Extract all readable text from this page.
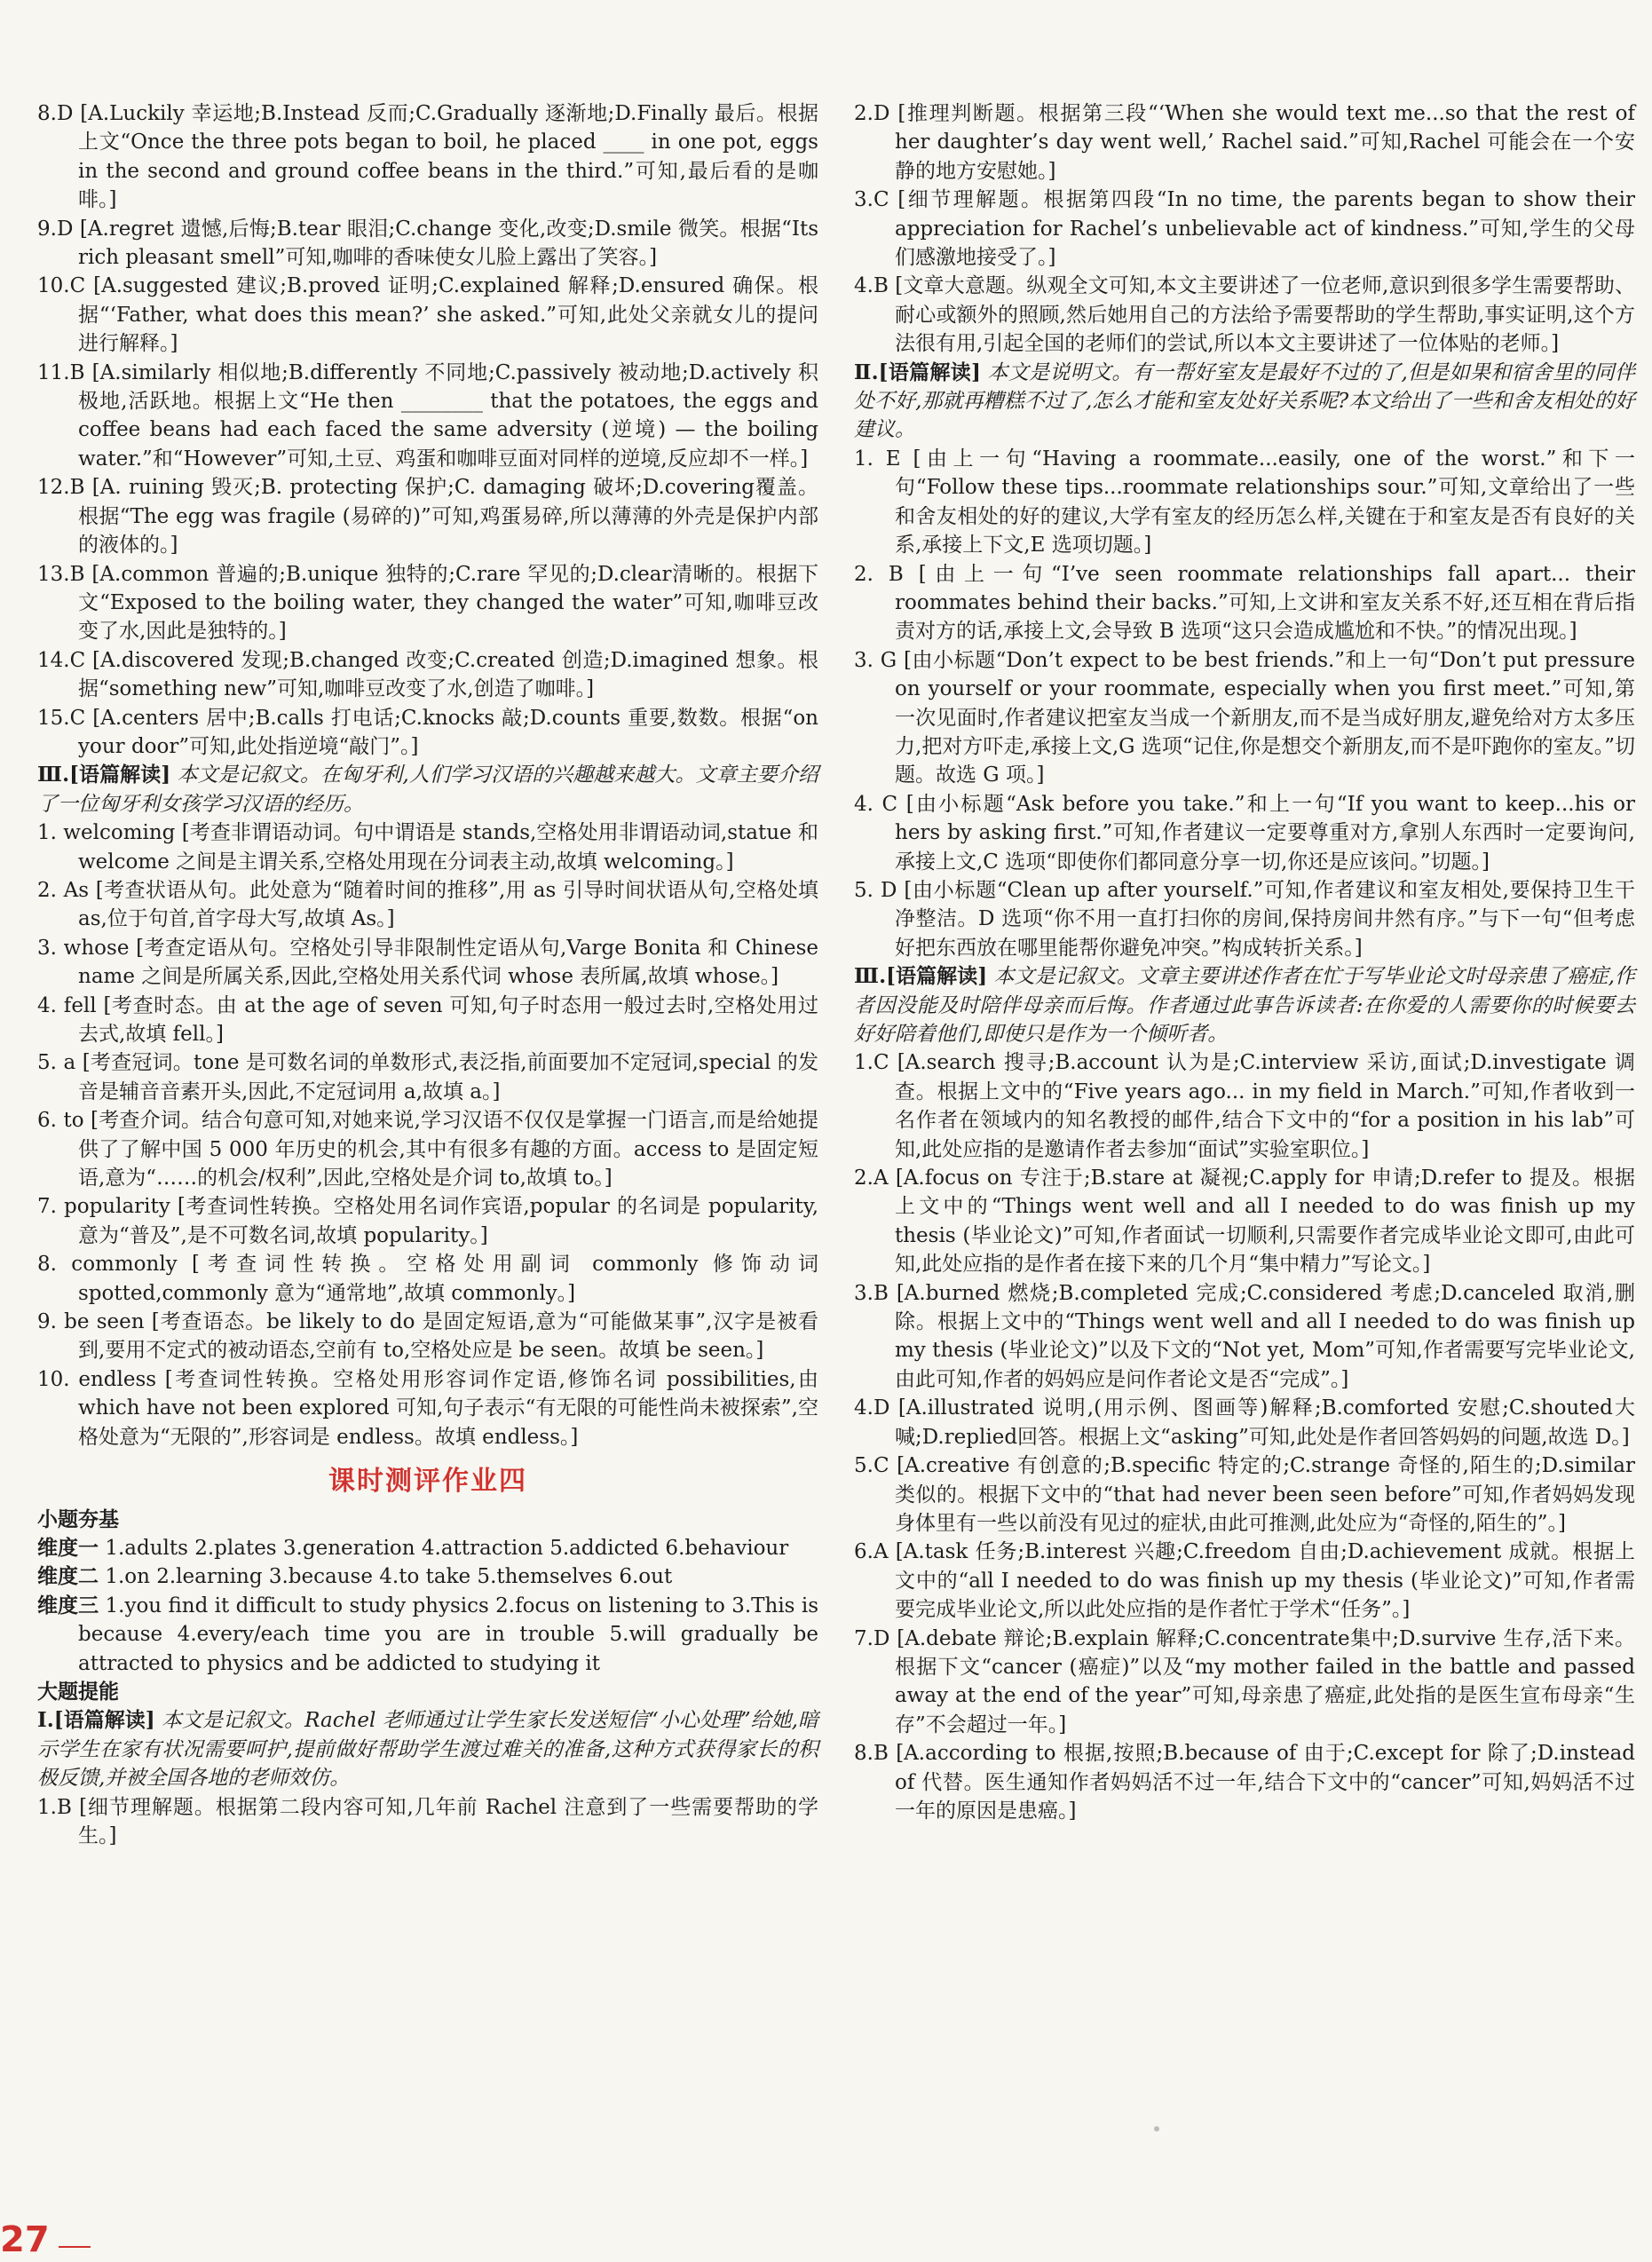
8.D [A.Luckily 幸运地;B.Instead 反而;C.Gradually 逐渐地;D.Finally 最后。根据上文“Once the three pots began to boil, he placed ____ in one pot, eggs in the second and ground coffee beans in the third.”可知,最后看的是咖啡。]

9.D [A.regret 遗憾,后悔;B.tear 眼泪;C.change 变化,改变;D.smile 微笑。根据“Its rich pleasant smell”可知,咖啡的香味使女儿脸上露出了笑容。]

10.C [A.suggested 建议;B.proved 证明;C.explained 解释;D.ensured 确保。根据“‘Father, what does this mean?’ she asked.”可知,此处父亲就女儿的提问进行解释。]

11.B [A.similarly 相似地;B.differently 不同地;C.passively 被动地;D.actively 积极地,活跃地。根据上文“He then ________ that the potatoes, the eggs and coffee beans had each faced the same adversity (逆境) — the boiling water.”和“However”可知,土豆、鸡蛋和咖啡豆面对同样的逆境,反应却不一样。]

12.B [A. ruining 毁灭;B. protecting 保护;C. damaging 破坏;D.covering覆盖。根据“The egg was fragile (易碎的)”可知,鸡蛋易碎,所以薄薄的外壳是保护内部的液体的。]

13.B [A.common 普遍的;B.unique 独特的;C.rare 罕见的;D.clear清晰的。根据下文“Exposed to the boiling water, they changed the water”可知,咖啡豆改变了水,因此是独特的。]

14.C [A.discovered 发现;B.changed 改变;C.created 创造;D.imagined 想象。根据“something new”可知,咖啡豆改变了水,创造了咖啡。]

15.C [A.centers 居中;B.calls 打电话;C.knocks 敲;D.counts 重要,数数。根据“on your door”可知,此处指逆境“敲门”。]

Ⅲ.[语篇解读] 本文是记叙文。在匈牙利,人们学习汉语的兴趣越来越大。文章主要介绍了一位匈牙利女孩学习汉语的经历。

1. welcoming [考查非谓语动词。句中谓语是 stands,空格处用非谓语动词,statue 和 welcome 之间是主谓关系,空格处用现在分词表主动,故填 welcoming。]

2. As [考查状语从句。此处意为“随着时间的推移”,用 as 引导时间状语从句,空格处填 as,位于句首,首字母大写,故填 As。]

3. whose [考查定语从句。空格处引导非限制性定语从句,Varge Bonita 和 Chinese name 之间是所属关系,因此,空格处用关系代词 whose 表所属,故填 whose。]

4. fell [考查时态。由 at the age of seven 可知,句子时态用一般过去时,空格处用过去式,故填 fell。]

5. a [考查冠词。tone 是可数名词的单数形式,表泛指,前面要加不定冠词,special 的发音是辅音音素开头,因此,不定冠词用 a,故填 a。]

6. to [考查介词。结合句意可知,对她来说,学习汉语不仅仅是掌握一门语言,而是给她提供了了解中国 5 000 年历史的机会,其中有很多有趣的方面。access to 是固定短语,意为“……的机会/权利”,因此,空格处是介词 to,故填 to。]

7. popularity [考查词性转换。空格处用名词作宾语,popular 的名词是 popularity,意为“普及”,是不可数名词,故填 popularity。]

8. commonly [考查词性转换。空格处用副词 commonly 修饰动词 spotted,commonly 意为“通常地”,故填 commonly。]

9. be seen [考查语态。be likely to do 是固定短语,意为“可能做某事”,汉字是被看到,要用不定式的被动语态,空前有 to,空格处应是 be seen。故填 be seen。]

10. endless [考查词性转换。空格处用形容词作定语,修饰名词 possibilities,由 which have not been explored 可知,句子表示“有无限的可能性尚未被探索”,空格处意为“无限的”,形容词是 endless。故填 endless。]

课时测评作业四
小题夯基

维度一 1.adults 2.plates 3.generation 4.attraction 5.addicted 6.behaviour

维度二 1.on 2.learning 3.because 4.to take 5.themselves 6.out

维度三 1.you find it difficult to study physics 2.focus on listening to 3.This is because 4.every/each time you are in trouble 5.will gradually be attracted to physics and be addicted to studying it

大题提能

Ⅰ.[语篇解读] 本文是记叙文。Rachel 老师通过让学生家长发送短信“小心处理”给她,暗示学生在家有状况需要呵护,提前做好帮助学生渡过难关的准备,这种方式获得家长的积极反馈,并被全国各地的老师效仿。

1.B [细节理解题。根据第二段内容可知,几年前 Rachel 注意到了一些需要帮助的学生。]

2.D [推理判断题。根据第三段“‘When she would text me...so that the rest of her daughter’s day went well,’ Rachel said.”可知,Rachel 可能会在一个安静的地方安慰她。]

3.C [细节理解题。根据第四段“In no time, the parents began to show their appreciation for Rachel’s unbelievable act of kindness.”可知,学生的父母们感激地接受了。]

4.B [文章大意题。纵观全文可知,本文主要讲述了一位老师,意识到很多学生需要帮助、耐心或额外的照顾,然后她用自己的方法给予需要帮助的学生帮助,事实证明,这个方法很有用,引起全国的老师们的尝试,所以本文主要讲述了一位体贴的老师。]

Ⅱ.[语篇解读] 本文是说明文。有一帮好室友是最好不过的了,但是如果和宿舍里的同伴处不好,那就再糟糕不过了,怎么才能和室友处好关系呢?本文给出了一些和舍友相处的好建议。

1. E [由上一句“Having a roommate...easily, one of the worst.”和下一句“Follow these tips...roommate relationships sour.”可知,文章给出了一些和舍友相处的好的建议,大学有室友的经历怎么样,关键在于和室友是否有良好的关系,承接上下文,E 选项切题。]

2. B [由上一句“I’ve seen roommate relationships fall apart... their roommates behind their backs.”可知,上文讲和室友关系不好,还互相在背后指责对方的话,承接上文,会导致 B 选项“这只会造成尴尬和不快。”的情况出现。]

3. G [由小标题“Don’t expect to be best friends.”和上一句“Don’t put pressure on yourself or your roommate, especially when you first meet.”可知,第一次见面时,作者建议把室友当成一个新朋友,而不是当成好朋友,避免给对方太多压力,把对方吓走,承接上文,G 选项“记住,你是想交个新朋友,而不是吓跑你的室友。”切题。故选 G 项。]

4. C [由小标题“Ask before you take.”和上一句“If you want to keep...his or hers by asking first.”可知,作者建议一定要尊重对方,拿别人东西时一定要询问,承接上文,C 选项“即使你们都同意分享一切,你还是应该问。”切题。]

5. D [由小标题“Clean up after yourself.”可知,作者建议和室友相处,要保持卫生干净整洁。D 选项“你不用一直打扫你的房间,保持房间井然有序。”与下一句“但考虑好把东西放在哪里能帮你避免冲突。”构成转折关系。]

Ⅲ.[语篇解读] 本文是记叙文。文章主要讲述作者在忙于写毕业论文时母亲患了癌症,作者因没能及时陪伴母亲而后悔。作者通过此事告诉读者:在你爱的人需要你的时候要去好好陪着他们,即使只是作为一个倾听者。

1.C [A.search 搜寻;B.account 认为是;C.interview 采访,面试;D.investigate 调查。根据上文中的“Five years ago... in my field in March.”可知,作者收到一名作者在领域内的知名教授的邮件,结合下文中的“for a position in his lab”可知,此处应指的是邀请作者去参加“面试”实验室职位。]

2.A [A.focus on 专注于;B.stare at 凝视;C.apply for 申请;D.refer to 提及。根据上文中的“Things went well and all I needed to do was finish up my thesis (毕业论文)”可知,作者面试一切顺利,只需要作者完成毕业论文即可,由此可知,此处应指的是作者在接下来的几个月“集中精力”写论文。]

3.B [A.burned 燃烧;B.completed 完成;C.considered 考虑;D.canceled 取消,删除。根据上文中的“Things went well and all I needed to do was finish up my thesis (毕业论文)”以及下文的“Not yet, Mom”可知,作者需要写完毕业论文,由此可知,作者的妈妈应是问作者论文是否“完成”。]

4.D [A.illustrated 说明,(用示例、图画等)解释;B.comforted 安慰;C.shouted大喊;D.replied回答。根据上文“asking”可知,此处是作者回答妈妈的问题,故选 D。]

5.C [A.creative 有创意的;B.specific 特定的;C.strange 奇怪的,陌生的;D.similar 类似的。根据下文中的“that had never been seen before”可知,作者妈妈发现身体里有一些以前没有见过的症状,由此可推测,此处应为“奇怪的,陌生的”。]

6.A [A.task 任务;B.interest 兴趣;C.freedom 自由;D.achievement 成就。根据上文中的“all I needed to do was finish up my thesis (毕业论文)”可知,作者需要完成毕业论文,所以此处应指的是作者忙于学术“任务”。]

7.D [A.debate 辩论;B.explain 解释;C.concentrate集中;D.survive 生存,活下来。根据下文“cancer (癌症)”以及“my mother failed in the battle and passed away at the end of the year”可知,母亲患了癌症,此处指的是医生宣布母亲“生存”不会超过一年。]

8.B [A.according to 根据,按照;B.because of 由于;C.except for 除了;D.instead of 代替。医生通知作者妈妈活不过一年,结合下文中的“cancer”可知,妈妈活不过一年的原因是患癌。]

27
